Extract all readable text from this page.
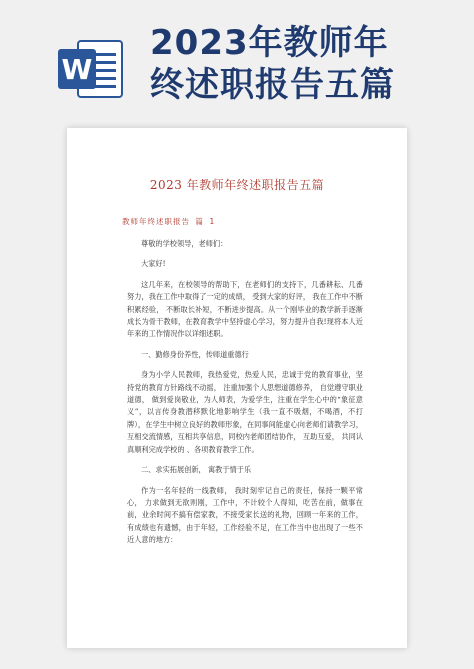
W
2023年教师年
终述职报告五篇
2023 年教师年终述职报告五篇
教师年终述职报告 篇 1

尊敬的学校领导，老师们：

大家好!

这几年来，在校领导的帮助下，在老师们的支持下，几番耕耘、几番努力，我在工作中取得了一定的成绩， 受到大家的好评， 我在工作中不断积累经验， 不断取长补短，不断进步提高。从一个刚毕业的教学新手逐渐成长为骨干教师，在教育教学中坚持虚心学习，努力提升自我!现将本人近年来的工作情况作以详细述职。

一、勤修身份养性，传师道重德行

身为小学人民教师，我热爱党，热爱人民，忠诚于党的教育事业，坚持党的教育方针路线不动摇， 注重加强个人思想道德修养， 自觉遵守职业道德， 做到爱岗敬业，为人师表，为爱学生，注重在学生心中的“象征意义”，以言传身教潜移默化地影响学生（我一直不吸烟，不喝酒，不打牌），在学生中树立良好的教师形象，在同事间能虚心向老师们请教学习，互相交流情感，互相共享信息，同校内老师团结协作， 互助互爱， 共同认真顺利完成学校的 、各项教育教学工作。

二、求实拓展创新， 寓教于情于乐

作为一名年轻的一线教师， 我时刻牢记自己的责任，保持一颗平常心， 力求做到无欲则刚，工作中，不计较个人得知，吃苦在前，做事在前，业余时间不搞有偿家教，不接受家长送的礼物，回顾一年来的工作， 有成绩也有遗憾，由于年轻，工作经验不足，在工作当中也出现了一些不近人意的地方：
